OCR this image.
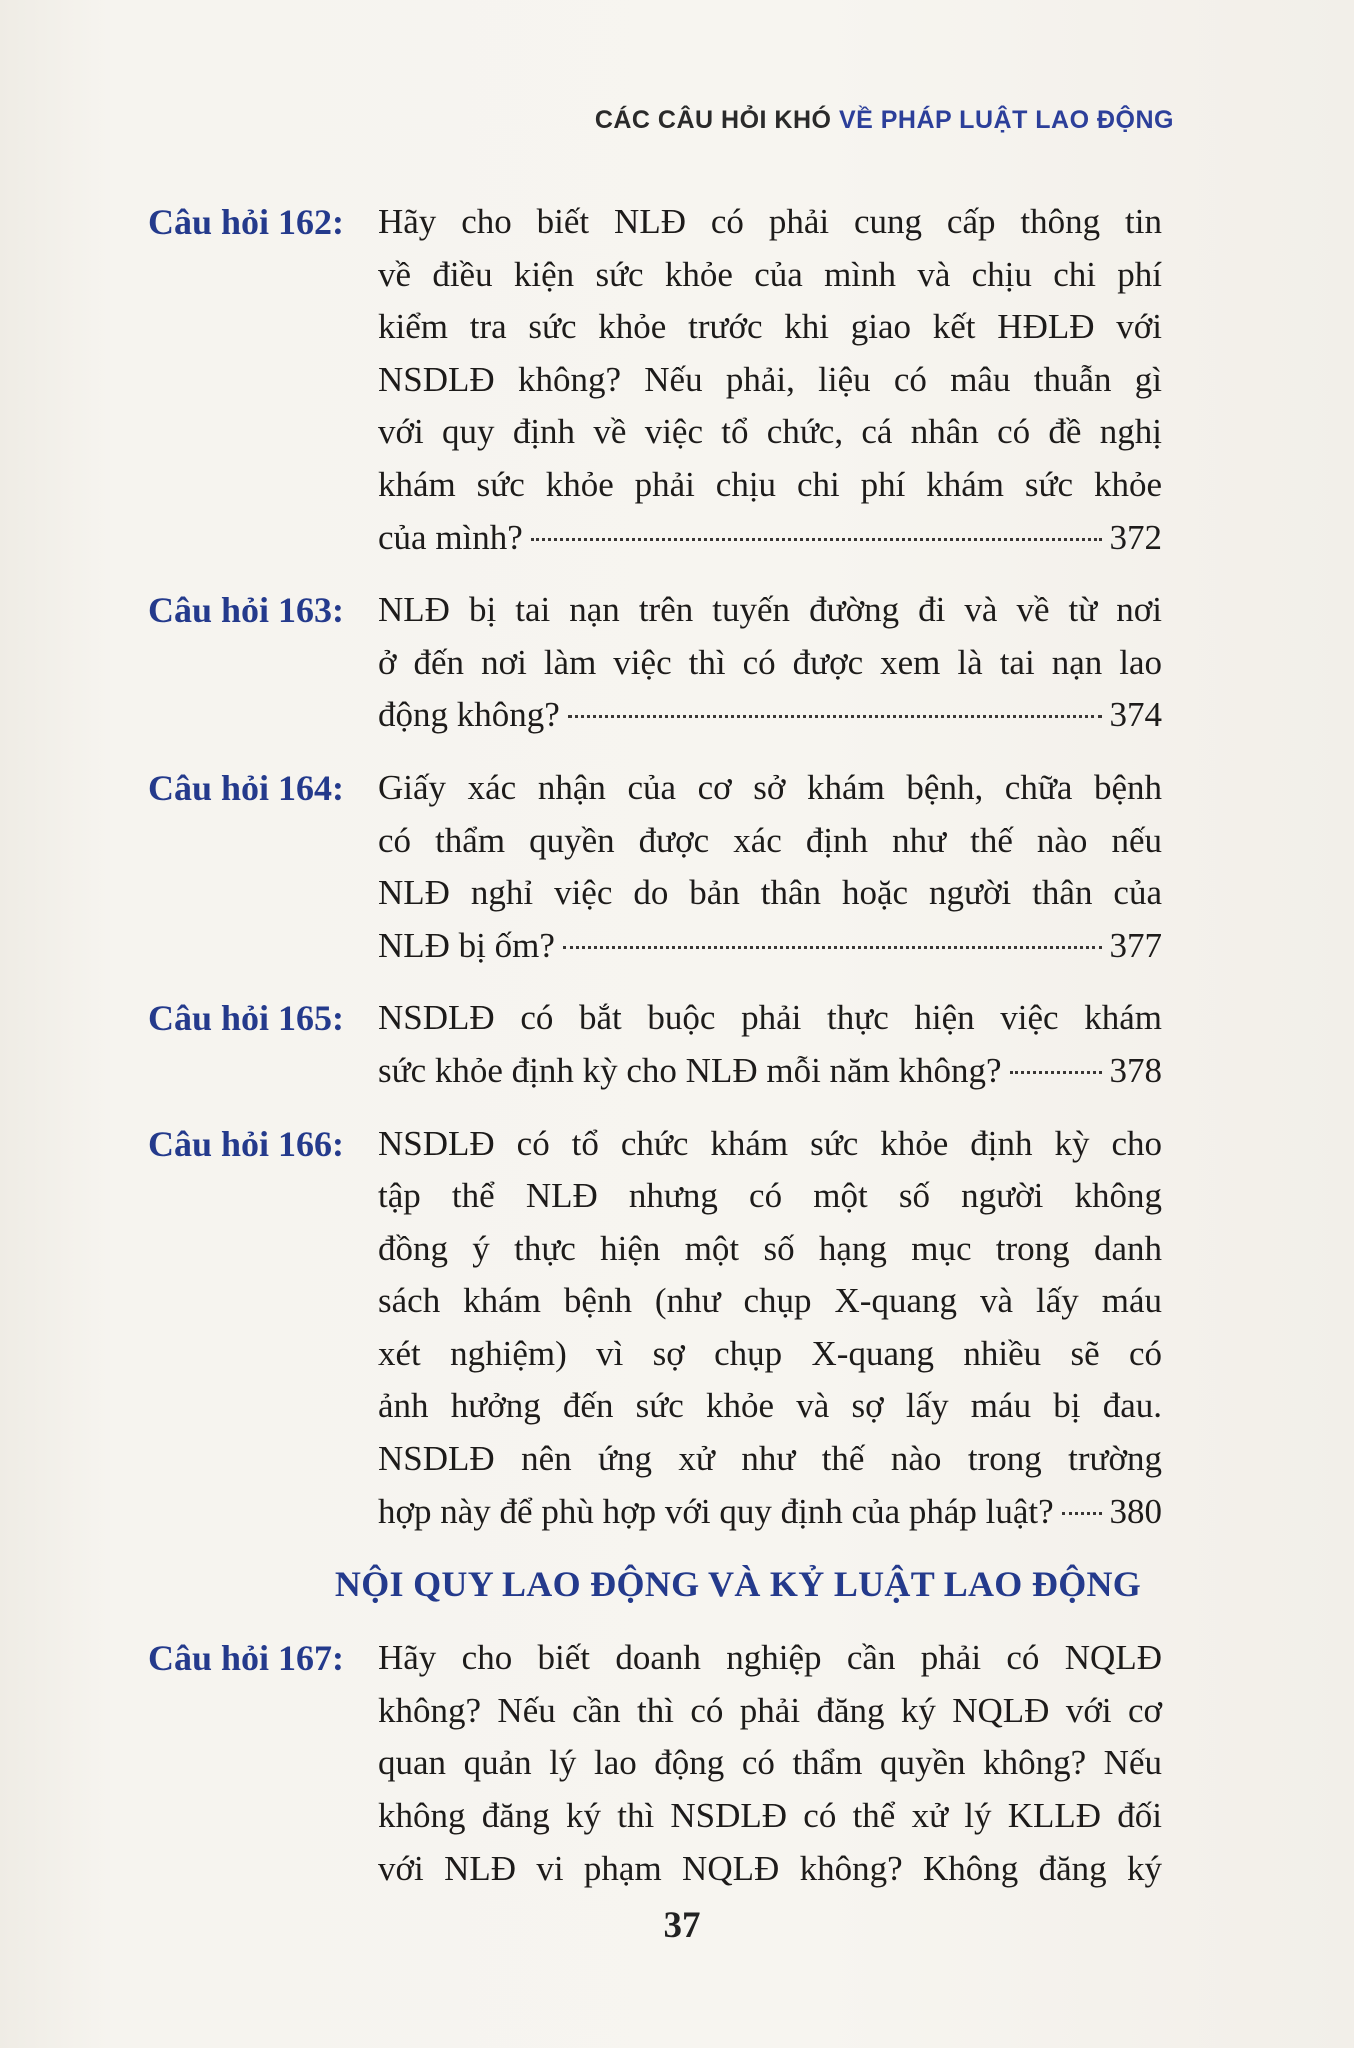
CÁC CÂU HỎI KHÓ VỀ PHÁP LUẬT LAO ĐỘNG
Câu hỏi 162: Hãy cho biết NLĐ có phải cung cấp thông tin
về điều kiện sức khỏe của mình và chịu chi phí
kiểm tra sức khỏe trước khi giao kết HĐLĐ với
NSDLĐ không? Nếu phải, liệu có mâu thuẫn gì
với quy định về việc tổ chức, cá nhân có đề nghị
khám sức khỏe phải chịu chi phí khám sức khỏe
của mình?	372
Câu hỏi 163: NLĐ bị tai nạn trên tuyến đường đi và về từ nơi
ở đến nơi làm việc thì có được xem là tai nạn lao
động không?	374
Câu hỏi 164: Giấy xác nhận của cơ sở khám bệnh, chữa bệnh
có thẩm quyền được xác định như thế nào nếu
NLĐ nghỉ việc do bản thân hoặc người thân của
NLĐ bị ốm?	377
Câu hỏi 165: NSDLĐ có bắt buộc phải thực hiện việc khám
sức khỏe định kỳ cho NLĐ mỗi năm không?	378
Câu hỏi 166: NSDLĐ có tổ chức khám sức khỏe định kỳ cho
tập thể NLĐ nhưng có một số người không
đồng ý thực hiện một số hạng mục trong danh
sách khám bệnh (như chụp X-quang và lấy máu
xét nghiệm) vì sợ chụp X-quang nhiều sẽ có
ảnh hưởng đến sức khỏe và sợ lấy máu bị đau.
NSDLĐ nên ứng xử như thế nào trong trường
hợp này để phù hợp với quy định của pháp luật? 380
NỘI QUY LAO ĐỘNG VÀ KỶ LUẬT LAO ĐỘNG
Câu hỏi 167: Hãy cho biết doanh nghiệp cần phải có NQLĐ
không? Nếu cần thì có phải đăng ký NQLĐ với cơ
quan quản lý lao động có thẩm quyền không? Nếu
không đăng ký thì NSDLĐ có thể xử lý KLLĐ đối
với NLĐ vi phạm NQLĐ không? Không đăng ký
37
